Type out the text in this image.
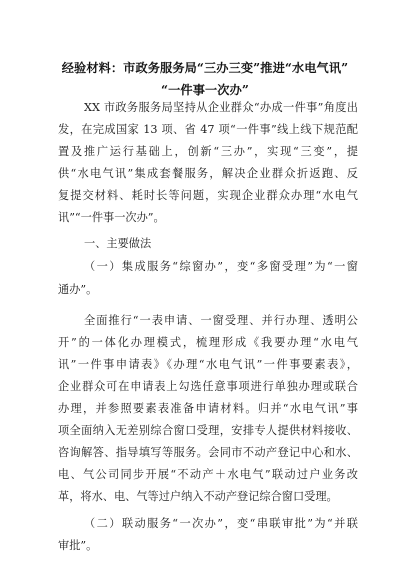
经验材料：市政务服务局“三办三变”推进“水电气讯”
“一件事一次办”
XX 市政务服务局坚持从企业群众“办成一件事”角度出
发，在完成国家 13 项、省 47 项“一件事”线上线下规范配
置及推广运行基础上，创新“三办”，实现“三变”，提
供“水电气讯”集成套餐服务，解决企业群众折返跑、反
复提交材料、耗时长等问题，实现企业群众办理“水电气
讯”“一件事一次办”。
一、主要做法
（一）集成服务“综窗办”，变“多窗受理”为“一窗
通办”。
全面推行“一表申请、一窗受理、并行办理、透明公
开”的一体化办理模式，梳理形成《我要办理“水电气
讯”一件事申请表》《办理“水电气讯”一件事要素表》，
企业群众可在申请表上勾选任意事项进行单独办理或联合
办理，并参照要素表准备申请材料。归并“水电气讯”事
项全面纳入无差别综合窗口受理，安排专人提供材料接收、
咨询解答、指导填写等服务。会同市不动产登记中心和水、
电、气公司同步开展“不动产＋水电气”联动过户业务改
革，将水、电、气等过户纳入不动产登记综合窗口受理。
（二）联动服务“一次办”，变“串联审批”为“并联
审批”。
